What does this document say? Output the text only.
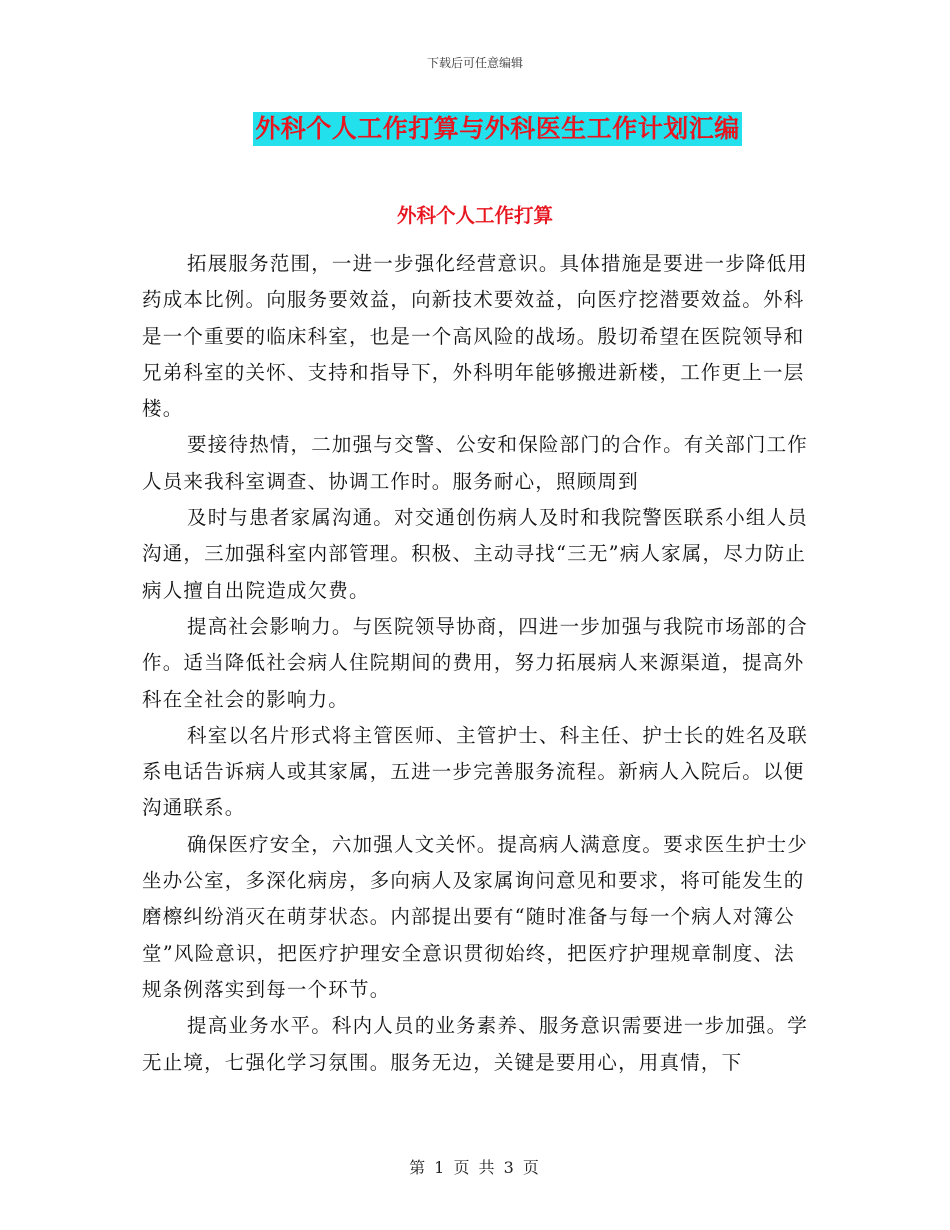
下载后可任意编辑
外科个人工作打算与外科医生工作计划汇编
外科个人工作打算

拓展服务范围，一进一步强化经营意识。具体措施是要进一步降低用药成本比例。向服务要效益，向新技术要效益，向医疗挖潜要效益。外科是一个重要的临床科室，也是一个高风险的战场。殷切希望在医院领导和兄弟科室的关怀、支持和指导下，外科明年能够搬进新楼，工作更上一层楼。

要接待热情，二加强与交警、公安和保险部门的合作。有关部门工作人员来我科室调查、协调工作时。服务耐心，照顾周到

及时与患者家属沟通。对交通创伤病人及时和我院警医联系小组人员沟通，三加强科室内部管理。积极、主动寻找“三无”病人家属，尽力防止病人擅自出院造成欠费。

提高社会影响力。与医院领导协商，四进一步加强与我院市场部的合作。适当降低社会病人住院期间的费用，努力拓展病人来源渠道，提高外科在全社会的影响力。

科室以名片形式将主管医师、主管护士、科主任、护士长的姓名及联系电话告诉病人或其家属，五进一步完善服务流程。新病人入院后。以便沟通联系。

确保医疗安全，六加强人文关怀。提高病人满意度。要求医生护士少坐办公室，多深化病房，多向病人及家属询问意见和要求，将可能发生的磨檫纠纷消灭在萌芽状态。内部提出要有“随时准备与每一个病人对簿公堂”风险意识，把医疗护理安全意识贯彻始终，把医疗护理规章制度、法规条例落实到每一个环节。

提高业务水平。科内人员的业务素养、服务意识需要进一步加强。学无止境，七强化学习氛围。服务无边，关键是要用心，用真情，下

第 1 页 共 3 页
